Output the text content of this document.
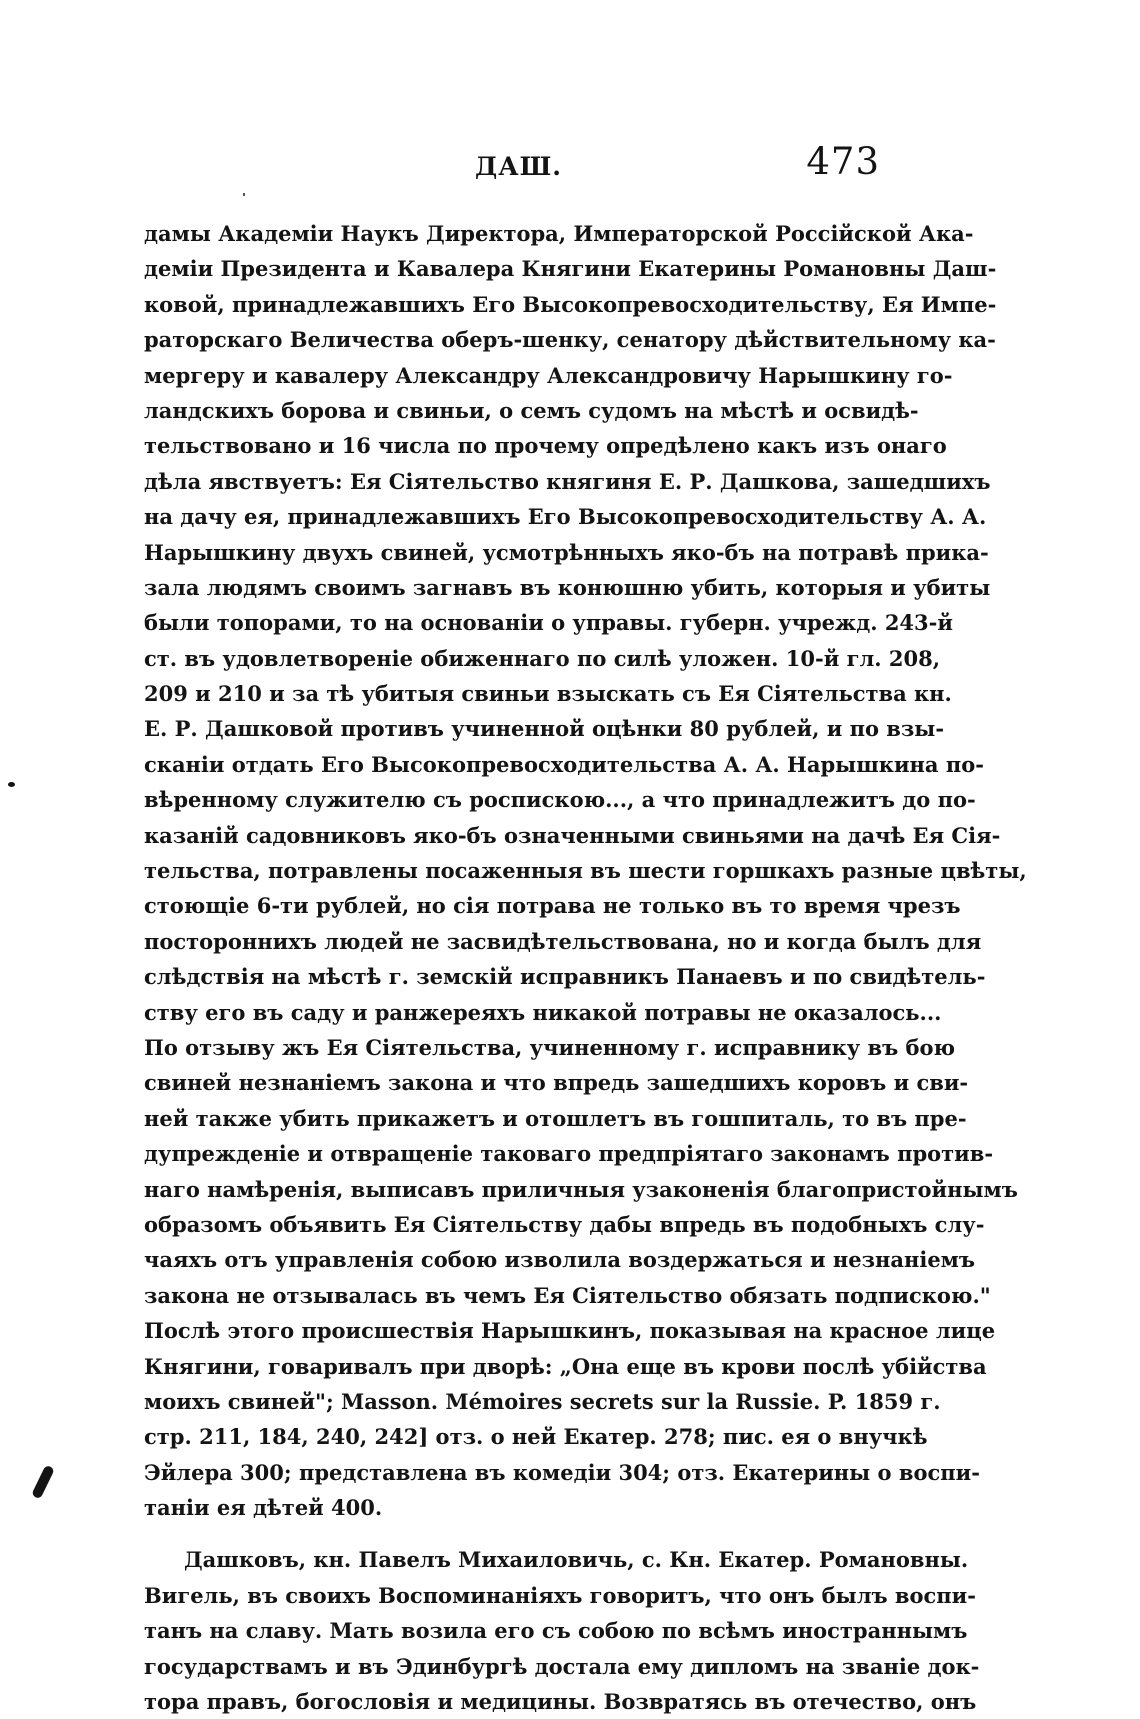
ДАШ.	473
дамы Академіи Наукъ Директора, Императорской Россійской Ака-
деміи Президента и Кавалера Княгини Екатерины Романовны Даш-
ковой, принадлежавшихъ Его Высокопревосходительству, Ея Импе-
раторскаго Величества оберъ-шенку, сенатору дѣйствительному ка-
мергеру и кавалеру Александру Александровичу Нарышкину го-
ландскихъ борова и свиньи, о семъ судомъ на мѣстѣ и освидѣ-
тельствовано и 16 числа по прочему опредѣлено какъ изъ онаго
дѣла явствуетъ: Ея Сіятельство княгиня Е. Р. Дашкова, зашедшихъ
на дачу ея, принадлежавшихъ Его Высокопревосходительству А. А.
Нарышкину двухъ свиней, усмотрѣнныхъ яко-бъ на потравѣ прика-
зала людямъ своимъ загнавъ въ конюшню убить, которыя и убиты
были топорами, то на основаніи о управы. губерн. учрежд. 243-й
ст. въ удовлетвореніе обиженнаго по силѣ уложен. 10-й гл. 208,
209 и 210 и за тѣ убитыя свиньи взыскать съ Ея Сіятельства кн.
Е. Р. Дашковой противъ учиненной оцѣнки 80 рублей, и по взы-
сканіи отдать Его Высокопревосходительства А. А. Нарышкина по-
вѣренному служителю съ роспискою..., а что принадлежитъ до по-
казаній садовниковъ яко-бъ означенными свиньями на дачѣ Ея Сія-
тельства, потравлены посаженныя въ шести горшкахъ разные цвѣты,
стоющіе 6-ти рублей, но сія потрава не только въ то время чрезъ
постороннихъ людей не засвидѣтельствована, но и когда былъ для
слѣдствія на мѣстѣ г. земскій исправникъ Панаевъ и по свидѣтель-
ству его въ саду и ранжереяхъ никакой потравы не оказалось...
По отзыву жъ Ея Сіятельства, учиненному г. исправнику въ бою
свиней незнаніемъ закона и что впредь зашедшихъ коровъ и сви-
ней также убить прикажетъ и отошлетъ въ гошпиталь, то въ пре-
дупрежденіе и отвращеніе таковаго предпріятаго законамъ против-
наго намѣренія, выписавъ приличныя узаконенія благопристойнымъ
образомъ объявить Ея Сіятельству дабы впредь въ подобныхъ слу-
чаяхъ отъ управленія собою изволила воздержаться и незнаніемъ
закона не отзывалась въ чемъ Ея Сіятельство обязать подпискою."
Послѣ этого происшествія Нарышкинъ, показывая на красное лице
Княгини, говаривалъ при дворѣ: „Она еще въ крови послѣ убійства
моихъ свиней"; Masson. Mémoires secrets sur la Russie. P. 1859 г.
стр. 211, 184, 240, 242] отз. о ней Екатер. 278; пис. ея о внучкѣ
Эйлера 300; представлена въ комедіи 304; отз. Екатерины о воспи-
таніи ея дѣтей 400.
Дашковъ, кн. Павелъ Михаиловичь, с. Кн. Екатер. Романовны.
Вигель, въ своихъ Воспоминаніяхъ говоритъ, что онъ былъ воспи-
танъ на славу. Мать возила его съ собою по всѣмъ иностраннымъ
государствамъ и въ Эдинбургѣ достала ему дипломъ на званіе док-
тора правъ, богословія и медицины. Возвратясь въ отечество, онъ
